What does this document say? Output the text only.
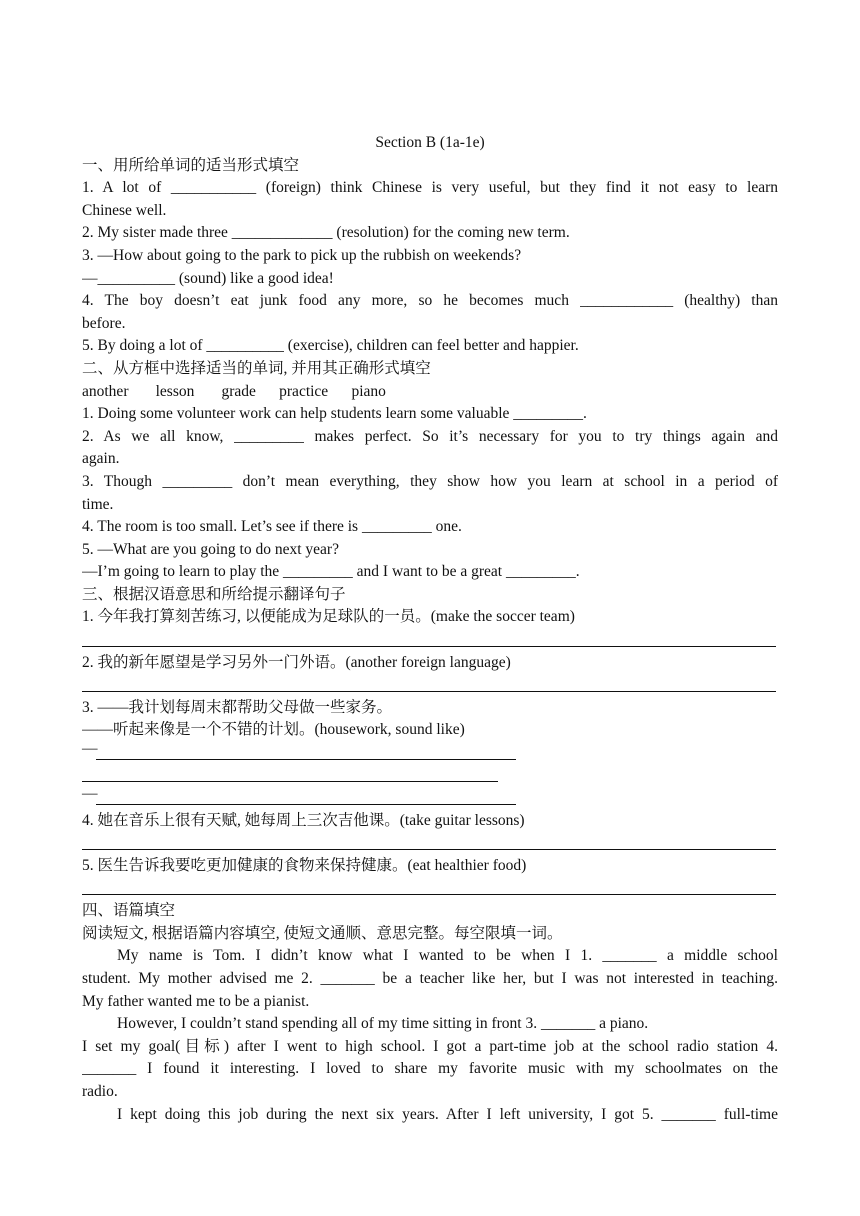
Section B (1a-1e)
一、用所给单词的适当形式填空
1. A lot of ___________ (foreign) think Chinese is very useful, but they find it not easy to learn
Chinese well.
2. My sister made three _____________ (resolution) for the coming new term.
3. —How about going to the park to pick up the rubbish on weekends?
—__________ (sound) like a good idea!
4. The boy doesn’t eat junk food any more, so he becomes much ____________ (healthy) than
before.
5. By doing a lot of __________ (exercise), children can feel better and happier.
二、从方框中选择适当的单词, 并用其正确形式填空
another       lesson       grade      practice      piano
1. Doing some volunteer work can help students learn some valuable _________.
2. As we all know, _________ makes perfect. So it’s necessary for you to try things again and
again.
3. Though _________ don’t mean everything, they show how you learn at school in a period of
time.
4. The room is too small. Let’s see if there is _________ one.
5. —What are you going to do next year?
—I’m going to learn to play the _________ and I want to be a great _________.
三、根据汉语意思和所给提示翻译句子
1. 今年我打算刻苦练习, 以便能成为足球队的一员。(make the soccer team)
2. 我的新年愿望是学习另外一门外语。(another foreign language)
3. ——我计划每周末都帮助父母做一些家务。
——听起来像是一个不错的计划。(housework, sound like)
—
—
4. 她在音乐上很有天赋, 她每周上三次吉他课。(take guitar lessons)
5. 医生告诉我要吃更加健康的食物来保持健康。(eat healthier food)
四、语篇填空
阅读短文, 根据语篇内容填空, 使短文通顺、意思完整。每空限填一词。
My name is Tom. I didn’t know what I wanted to be when I 1. _______ a middle school
student. My mother advised me 2. _______ be a teacher like her, but I was not interested in teaching.
My father wanted me to be a pianist.
However, I couldn’t stand spending all of my time sitting in front 3. _______ a piano.
I set my goal(目标) after I went to high school. I got a part-time job at the school radio station 4.
_______ I found it interesting. I loved to share my favorite music with my schoolmates on the
radio.
I kept doing this job during the next six years. After I left university, I got 5. _______ full-time
